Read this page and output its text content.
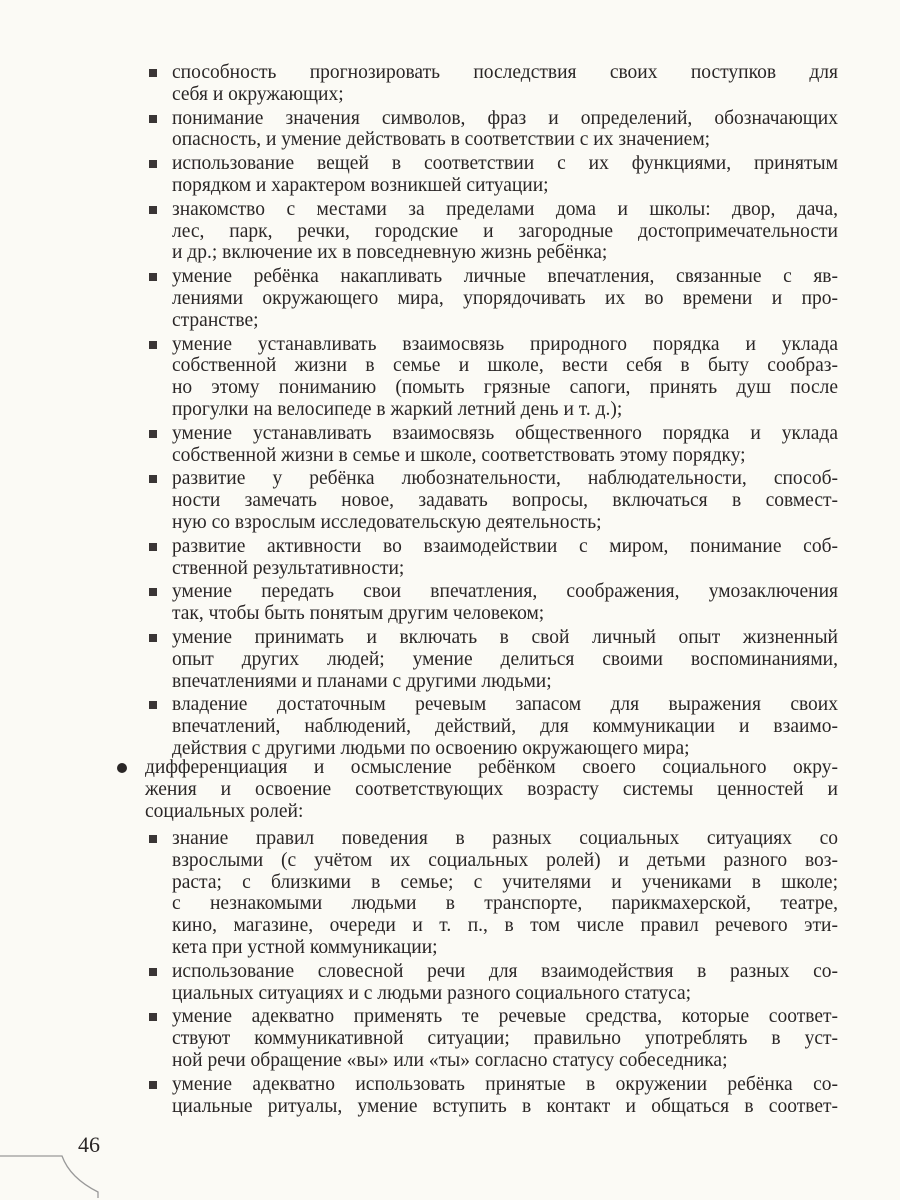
способность прогнозировать последствия своих поступков для
себя и окружающих;
понимание значения символов, фраз и определений, обозначающих
опасность, и умение действовать в соответствии с их значением;
использование вещей в соответствии с их функциями, принятым
порядком и характером возникшей ситуации;
знакомство с местами за пределами дома и школы: двор, дача,
лес, парк, речки, городские и загородные достопримечательности
и др.; включение их в повседневную жизнь ребёнка;
умение ребёнка накапливать личные впечатления, связанные с яв-
лениями окружающего мира, упорядочивать их во времени и про-
странстве;
умение устанавливать взаимосвязь природного порядка и уклада
собственной жизни в семье и школе, вести себя в быту сообраз-
но этому пониманию (помыть грязные сапоги, принять душ после
прогулки на велосипеде в жаркий летний день и т. д.);
умение устанавливать взаимосвязь общественного порядка и уклада
собственной жизни в семье и школе, соответствовать этому порядку;
развитие у ребёнка любознательности, наблюдательности, способ-
ности замечать новое, задавать вопросы, включаться в совмест-
ную со взрослым исследовательскую деятельность;
развитие активности во взаимодействии с миром, понимание соб-
ственной результативности;
умение передать свои впечатления, соображения, умозаключения
так, чтобы быть понятым другим человеком;
умение принимать и включать в свой личный опыт жизненный
опыт других людей; умение делиться своими воспоминаниями,
впечатлениями и планами с другими людьми;
владение достаточным речевым запасом для выражения своих
впечатлений, наблюдений, действий, для коммуникации и взаимо-
действия с другими людьми по освоению окружающего мира;
дифференциация и осмысление ребёнком своего социального окру-
жения и освоение соответствующих возрасту системы ценностей и
социальных ролей:
знание правил поведения в разных социальных ситуациях со
взрослыми (с учётом их социальных ролей) и детьми разного воз-
раста; с близкими в семье; с учителями и учениками в школе;
с незнакомыми людьми в транспорте, парикмахерской, театре,
кино, магазине, очереди и т. п., в том числе правил речевого эти-
кета при устной коммуникации;
использование словесной речи для взаимодействия в разных со-
циальных ситуациях и с людьми разного социального статуса;
умение адекватно применять те речевые средства, которые соответ-
ствуют коммуникативной ситуации; правильно употреблять в уст-
ной речи обращение «вы» или «ты» согласно статусу собеседника;
умение адекватно использовать принятые в окружении ребёнка со-
циальные ритуалы, умение вступить в контакт и общаться в соответ-
46
